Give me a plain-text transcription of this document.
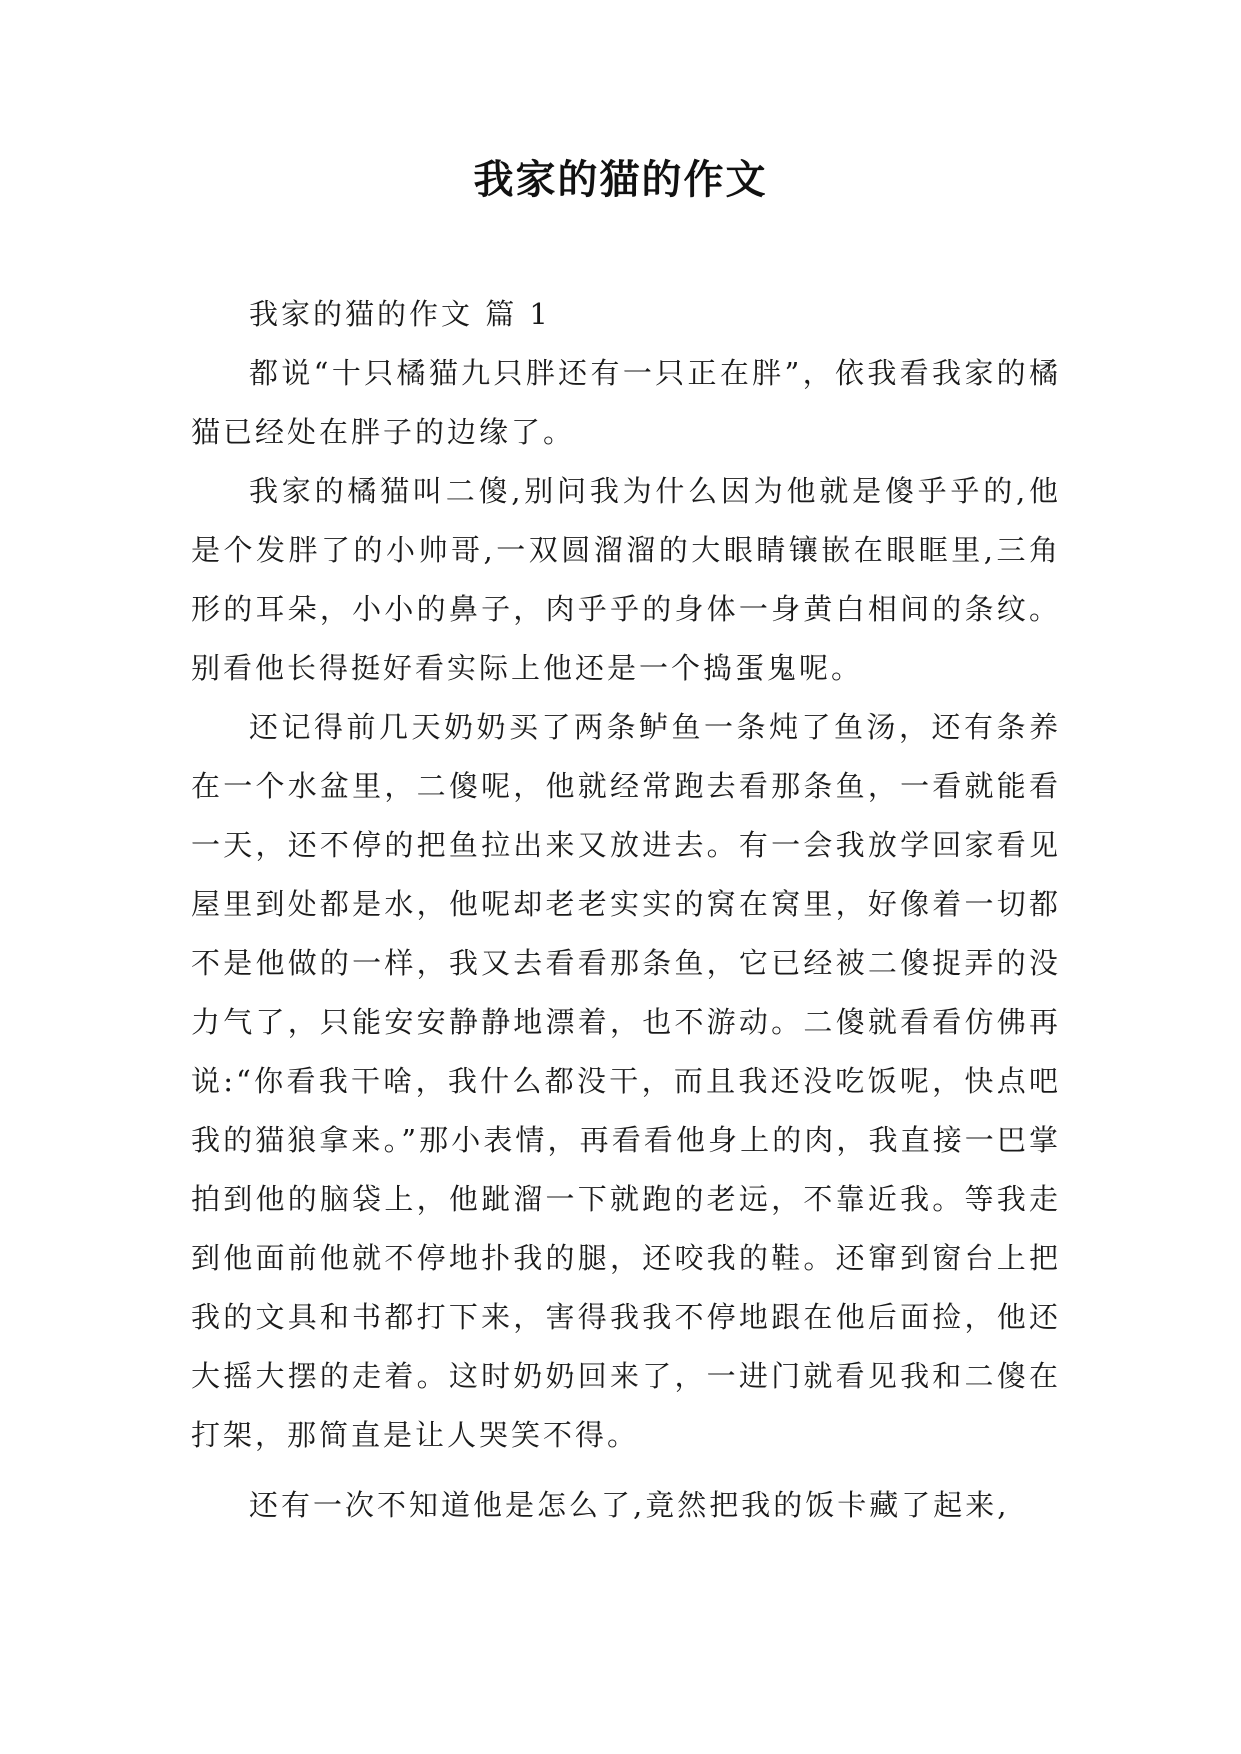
我家的猫的作文

我家的猫的作文 篇 1

都说“十只橘猫九只胖还有一只正在胖”，依我看我家的橘猫已经处在胖子的边缘了。

我家的橘猫叫二傻,别问我为什么因为他就是傻乎乎的,他是个发胖了的小帅哥,一双圆溜溜的大眼睛镶嵌在眼眶里,三角形的耳朵，小小的鼻子，肉乎乎的身体一身黄白相间的条纹。别看他长得挺好看实际上他还是一个捣蛋鬼呢。

还记得前几天奶奶买了两条鲈鱼一条炖了鱼汤，还有条养在一个水盆里，二傻呢，他就经常跑去看那条鱼，一看就能看一天，还不停的把鱼拉出来又放进去。有一会我放学回家看见屋里到处都是水，他呢却老老实实的窝在窝里，好像着一切都不是他做的一样，我又去看看那条鱼，它已经被二傻捉弄的没力气了，只能安安静静地漂着，也不游动。二傻就看看仿佛再说:“你看我干啥，我什么都没干，而且我还没吃饭呢，快点吧我的猫狼拿来。”那小表情，再看看他身上的肉，我直接一巴掌拍到他的脑袋上，他跐溜一下就跑的老远，不靠近我。等我走到他面前他就不停地扑我的腿，还咬我的鞋。还窜到窗台上把我的文具和书都打下来，害得我我不停地跟在他后面捡，他还大摇大摆的走着。这时奶奶回来了，一进门就看见我和二傻在打架，那简直是让人哭笑不得。

还有一次不知道他是怎么了,竟然把我的饭卡藏了起来,
